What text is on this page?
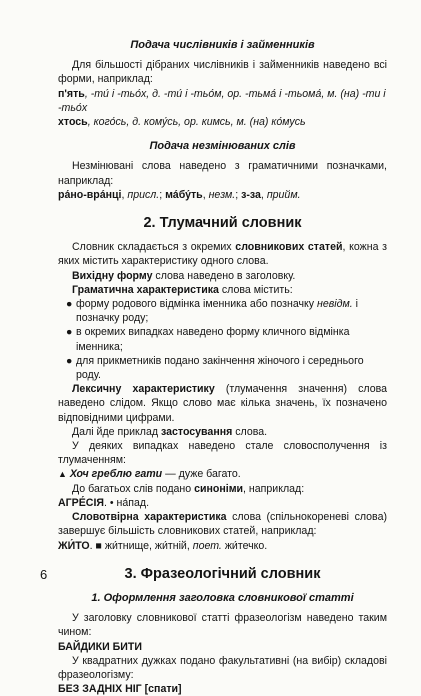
Подача числівників і займенників
Для більшості дібраних числівників і займенників наведено всі форми, наприклад:
п'ять, -ти́ і -тьо́х, д. -ти́ і -тьо́м, ор. -тьма́ і -тьома́, м. (на) -ти і -тьо́х
хтось, кого́сь, д. кому́сь, ор. кимсь, м. (на) ко́мусь
Подача незмінюваних слів
Незмінювані слова наведено з граматичними позначками, наприклад:
ра́но-вра́нці, присл.; ма́бу́ть, незм.; з-за, прийм.
2. Тлумачний словник
Словник складається з окремих словникових статей, кожна з яких містить характеристику одного слова.
Вихідну форму слова наведено в заголовку.
Граматична характеристика слова містить:
● форму родового відмінка іменника або позначку невідм. і позначку роду;
● в окремих випадках наведено форму кличного відмінка іменника;
● для прикметників подано закінчення жіночого і середнього роду.
Лексичну характеристику (тлумачення значення) слова наведено слідом. Якщо слово має кілька значень, їх позначено відповідними цифрами.
Далі йде приклад застосування слова.
У деяких випадках наведено стале словосполучення із тлумаченням:
▲ Хоч греблю гати — дуже багато.
До багатьох слів подано синоніми, наприклад:
АГРЕ́СІЯ. • на́пад.
Словотвірна характеристика слова (спільнокореневі слова) завершує більшість словникових статей, наприклад:
ЖИ́ТО. ■ жи́тнище, жи́тній, поет. жи́течко.
3. Фразеологічний словник
1. Оформлення заголовка словникової статті
У заголовку словникової статті фразеологізм наведено таким чином:
БАЙДИКИ БИТИ
У квадратних дужках подано факультативні (на вибір) складові фразеологізму:
БЕЗ ЗАДНІХ НІГ [спати]
6
